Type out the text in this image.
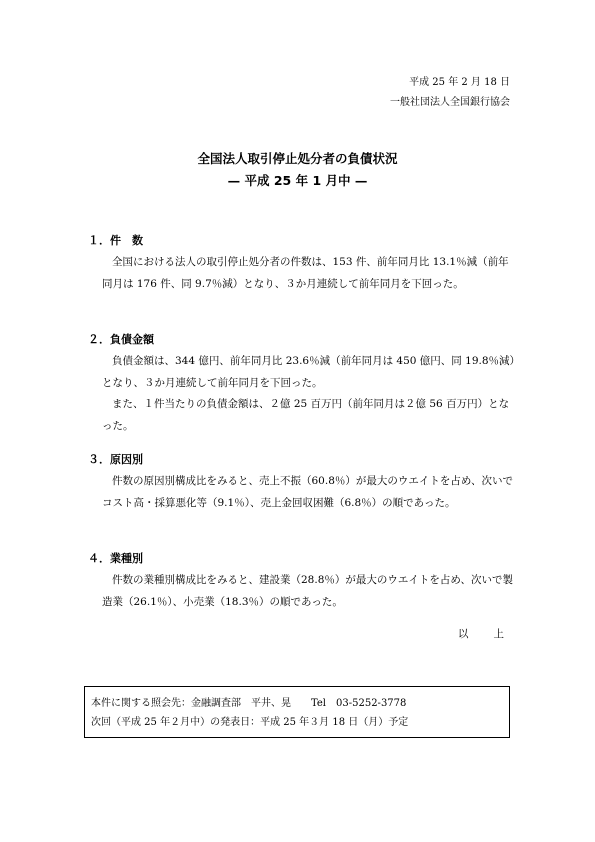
平成 25 年 2 月 18 日
一般社団法人全国銀行協会
全国法人取引停止処分者の負債状況
— 平成 25 年 1 月中 —
１．件　数

全国における法人の取引停止処分者の件数は、153 件、前年同月比 13.1％減（前年同月は 176 件、同 9.7％減）となり、３か月連続して前年同月を下回った。

２．負債金額

負債金額は、344 億円、前年同月比 23.6％減（前年同月は 450 億円、同 19.8％減）となり、３か月連続して前年同月を下回った。

また、１件当たりの負債金額は、２億 25 百万円（前年同月は２億 56 百万円）となった。

３．原因別

件数の原因別構成比をみると、売上不振（60.8％）が最大のウエイトを占め、次いでコスト高・採算悪化等（9.1％）、売上金回収困難（6.8％）の順であった。

４．業種別

件数の業種別構成比をみると、建設業（28.8％）が最大のウエイトを占め、次いで製造業（26.1％）、小売業（18.3％）の順であった。

以 上
本件に関する照会先：金融調査部　平井、晃　　Tel　03-5252-3778
次回（平成 25 年２月中）の発表日：平成 25 年３月 18 日（月）予定
